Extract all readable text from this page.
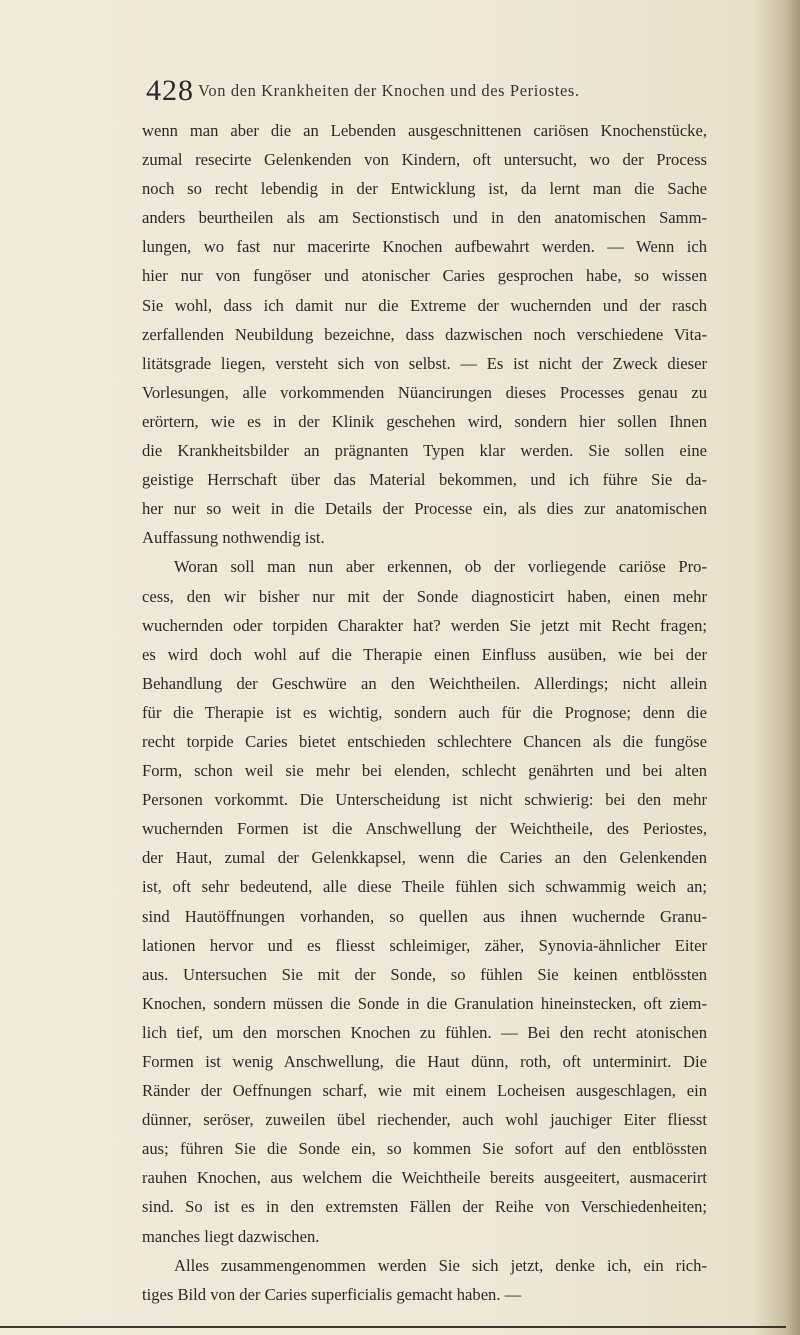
428 Von den Krankheiten der Knochen und des Periostes.
wenn man aber die an Lebenden ausgeschnittenen cariösen Knochenstücke,
zumal resecirte Gelenkenden von Kindern, oft untersucht, wo der Process
noch so recht lebendig in der Entwicklung ist, da lernt man die Sache
anders beurtheilen als am Sectionstisch und in den anatomischen Samm-
lungen, wo fast nur macerirte Knochen aufbewahrt werden. — Wenn ich
hier nur von fungöser und atonischer Caries gesprochen habe, so wissen
Sie wohl, dass ich damit nur die Extreme der wuchernden und der rasch
zerfallenden Neubildung bezeichne, dass dazwischen noch verschiedene Vita-
litätsgrade liegen, versteht sich von selbst. — Es ist nicht der Zweck dieser
Vorlesungen, alle vorkommenden Nüancirungen dieses Processes genau zu
erörtern, wie es in der Klinik geschehen wird, sondern hier sollen Ihnen
die Krankheitsbilder an prägnanten Typen klar werden. Sie sollen eine
geistige Herrschaft über das Material bekommen, und ich führe Sie da-
her nur so weit in die Details der Processe ein, als dies zur anatomischen
Auffassung nothwendig ist.
Woran soll man nun aber erkennen, ob der vorliegende cariöse Pro-
cess, den wir bisher nur mit der Sonde diagnosticirt haben, einen mehr
wuchernden oder torpiden Charakter hat? werden Sie jetzt mit Recht fragen;
es wird doch wohl auf die Therapie einen Einfluss ausüben, wie bei der
Behandlung der Geschwüre an den Weichtheilen. Allerdings; nicht allein
für die Therapie ist es wichtig, sondern auch für die Prognose; denn die
recht torpide Caries bietet entschieden schlechtere Chancen als die fungöse
Form, schon weil sie mehr bei elenden, schlecht genährten und bei alten
Personen vorkommt. Die Unterscheidung ist nicht schwierig: bei den mehr
wuchernden Formen ist die Anschwellung der Weichtheile, des Periostes,
der Haut, zumal der Gelenkkapsel, wenn die Caries an den Gelenkenden
ist, oft sehr bedeutend, alle diese Theile fühlen sich schwammig weich an;
sind Hautöffnungen vorhanden, so quellen aus ihnen wuchernde Granu-
lationen hervor und es fliesst schleimiger, zäher, Synovia-ähnlicher Eiter
aus. Untersuchen Sie mit der Sonde, so fühlen Sie keinen entblössten
Knochen, sondern müssen die Sonde in die Granulation hineinstecken, oft ziem-
lich tief, um den morschen Knochen zu fühlen. — Bei den recht atonischen
Formen ist wenig Anschwellung, die Haut dünn, roth, oft unterminirt. Die
Ränder der Oeffnungen scharf, wie mit einem Locheisen ausgeschlagen, ein
dünner, seröser, zuweilen übel riechender, auch wohl jauchiger Eiter fliesst
aus; führen Sie die Sonde ein, so kommen Sie sofort auf den entblössten
rauhen Knochen, aus welchem die Weichtheile bereits ausgeeitert, ausmacerirt
sind. So ist es in den extremsten Fällen der Reihe von Verschiedenheiten;
manches liegt dazwischen.
Alles zusammengenommen werden Sie sich jetzt, denke ich, ein rich-
tiges Bild von der Caries superficialis gemacht haben. —
